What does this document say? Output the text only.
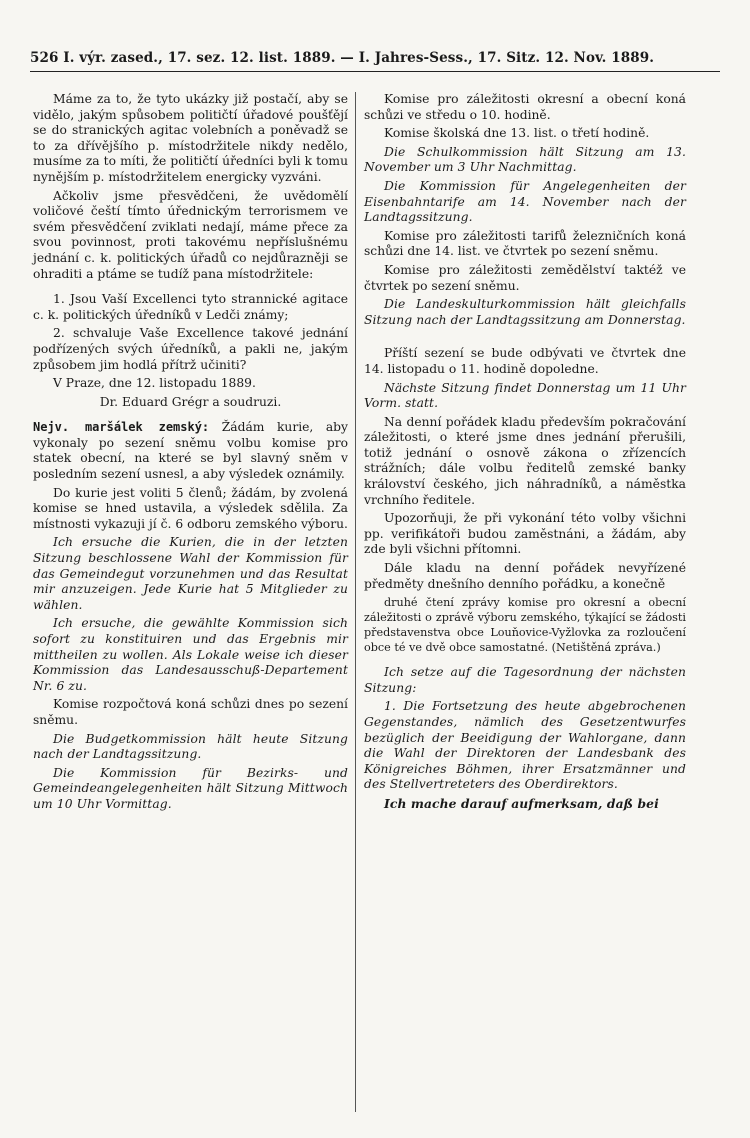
526 I. výr. zased., 17. sez. 12. list. 1889. — I. Jahres-Sess., 17. Sitz. 12. Nov. 1889.

Máme za to, že tyto ukázky již postačí, aby se vidělo, jakým spůsobem političtí úřadové poušťějí se do stranických agitac volebních a poněvadž se to za dřívějšího p. místodržitele nikdy nedělo, musíme za to míti, že političtí úředníci byli k tomu nynějším p. místodržitelem energicky vyzváni.

Ačkoliv jsme přesvědčeni, že uvědomělí voličové čeští tímto úřednickým terrorismem ve svém přesvědčení zviklati nedají, máme přece za svou povinnost, proti takovému nepříslušnému jednání c. k. politických úřadů co nejdůrazněji se ohraditi a ptáme se tudíž pana místodržitele:

1. Jsou Vaší Excellenci tyto strannické agitace c. k. politických úředníků v Ledči známy;

2. schvaluje Vaše Excellence takové jednání podřízených svých úředníků, a pakli ne, jakým způsobem jim hodlá přítrž učiniti?

V Praze, dne 12. listopadu 1889.

Dr. Eduard Grégr a soudruzi.

Nejv. maršálek zemský: Žádám kurie, aby vykonaly po sezení sněmu volbu komise pro statek obecní, na které se byl slavný sněm v posledním sezení usnesl, a aby výsledek oznámily.

Do kurie jest voliti 5 členů; žádám, by zvolená komise se hned ustavila, a výsledek sdělila. Za místnosti vykazuji jí č. 6 odboru zemského výboru.

Ich ersuche die Kurien, die in der letzten Sitzung beschlossene Wahl der Kommission für das Gemeindegut vorzunehmen und das Resultat mir anzuzeigen. Jede Kurie hat 5 Mitglieder zu wählen.

Ich ersuche, die gewählte Kommission sich sofort zu konstituiren und das Ergebnis mir mittheilen zu wollen. Als Lokale weise ich dieser Kommission das Landesausschuß-Departement Nr. 6 zu.

Komise rozpočtová koná schůzi dnes po sezení sněmu.

Die Budgetkommission hält heute Sitzung nach der Landtagssitzung.

Die Kommission für Bezirks- und Gemeindeangelegenheiten hält Sitzung Mittwoch um 10 Uhr Vormittag.

Komise pro záležitosti okresní a obecní koná schůzi ve středu o 10. hodině.

Komise školská dne 13. list. o třetí hodině.

Die Schulkommission hält Sitzung am 13. November um 3 Uhr Nachmittag.

Die Kommission für Angelegenheiten der Eisenbahntarife am 14. November nach der Landtagssitzung.

Komise pro záležitosti tarifů železničních koná schůzi dne 14. list. ve čtvrtek po sezení sněmu.

Komise pro záležitosti zemědělství taktéž ve čtvrtek po sezení sněmu.

Die Landeskulturkommission hält gleichfalls Sitzung nach der Landtagssitzung am Donnerstag.

Příští sezení se bude odbývati ve čtvrtek dne 14. listopadu o 11. hodině dopoledne.

Nächste Sitzung findet Donnerstag um 11 Uhr Vorm. statt.

Na denní pořádek kladu především pokračování záležitosti, o které jsme dnes jednání přerušili, totiž jednání o osnově zákona o zřízencích strážních; dále volbu ředitelů zemské banky království českého, jich náhradníků, a náměstka vrchního ředitele.

Upozorňuji, že při vykonání této volby všichni pp. verifikátoři budou zaměstnáni, a žádám, aby zde byli všichni přítomni.

Dále kladu na denní pořádek nevyřízené předměty dnešního denního pořádku, a konečně

druhé čtení zprávy komise pro okresní a obecní záležitosti o zprávě výboru zemského, týkající se žádosti představenstva obce Louňovice-Vyžlovka za rozloučení obce té ve dvě obce samostatné. (Netištěná zpráva.)

Ich setze auf die Tagesordnung der nächsten Sitzung:

1. Die Fortsetzung des heute abgebrochenen Gegenstandes, nämlich des Gesetzentwurfes bezüglich der Beeidigung der Wahlorgane, dann die Wahl der Direktoren der Landesbank des Königreiches Böhmen, ihrer Ersatzmänner und des Stellvertreteters des Oberdirektors.

Ich mache darauf aufmerksam, daß bei
